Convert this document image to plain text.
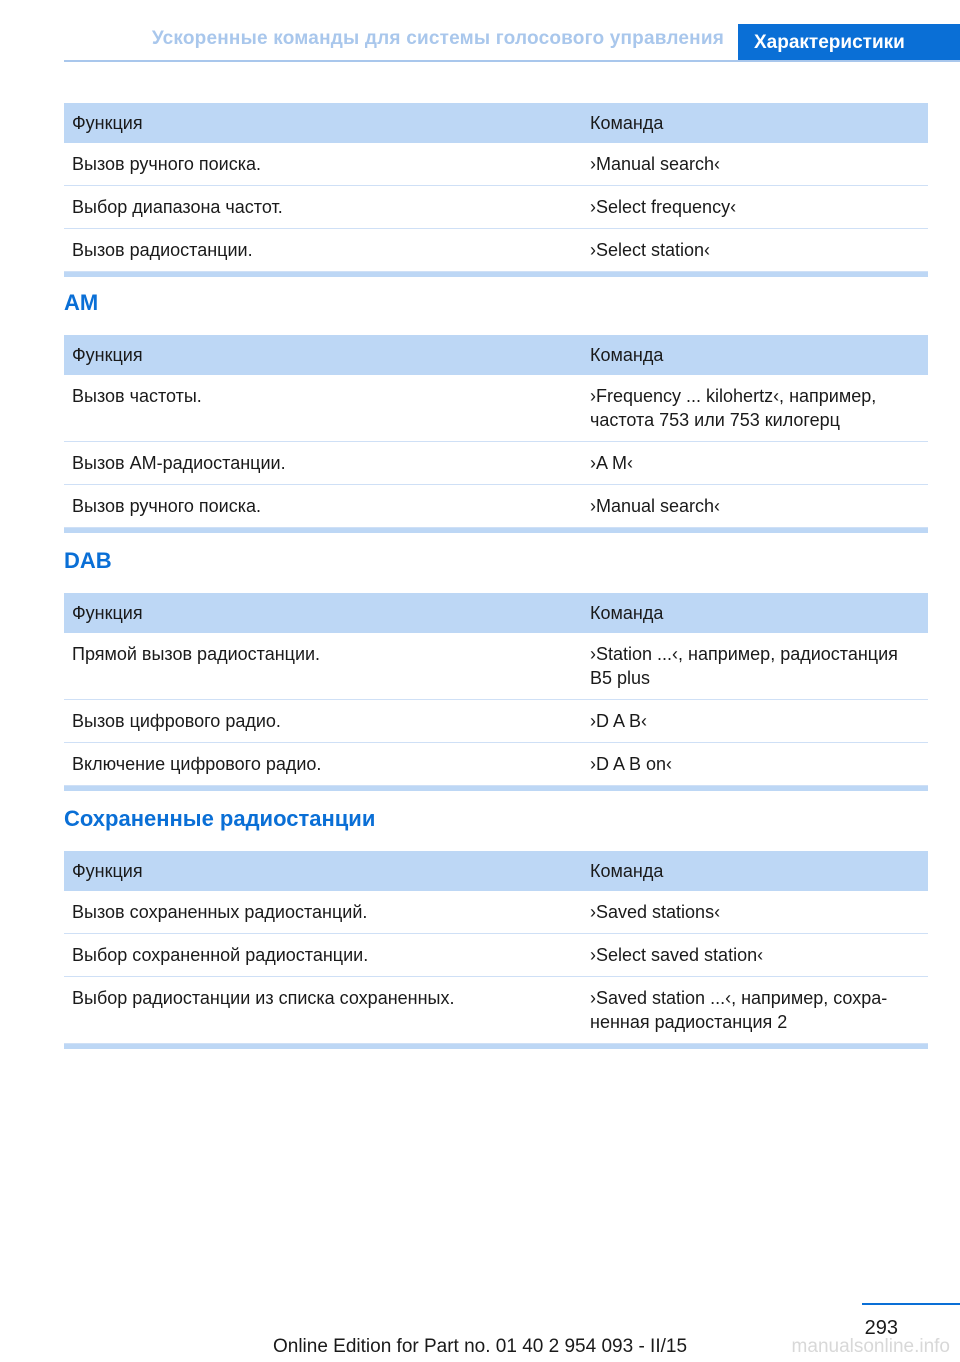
Ускоренные команды для системы голосового управления	Характеристики
Функция	Команда
Вызов ручного поиска.	›Manual search‹
Выбор диапазона частот.	›Select frequency‹
Вызов радиостанции.	›Select station‹
AM
Функция	Команда
Вызов частоты.	›Frequency ... kilohertz‹, например, частота 753 или 753 килогерц
Вызов AM-радиостанции.	›A M‹
Вызов ручного поиска.	›Manual search‹
DAB
Функция	Команда
Прямой вызов радиостанции.	›Station ...‹, например, радиостанция B5 plus
Вызов цифрового радио.	›D A B‹
Включение цифрового радио.	›D A B on‹
Сохраненные радиостанции
Функция	Команда
Вызов сохраненных радиостанций.	›Saved stations‹
Выбор сохраненной радиостанции.	›Select saved station‹
Выбор радиостанции из списка сохраненных.	›Saved station ...‹, например, сохра-ненная радиостанция 2
293
manualsonline.info
Online Edition for Part no. 01 40 2 954 093 - II/15
